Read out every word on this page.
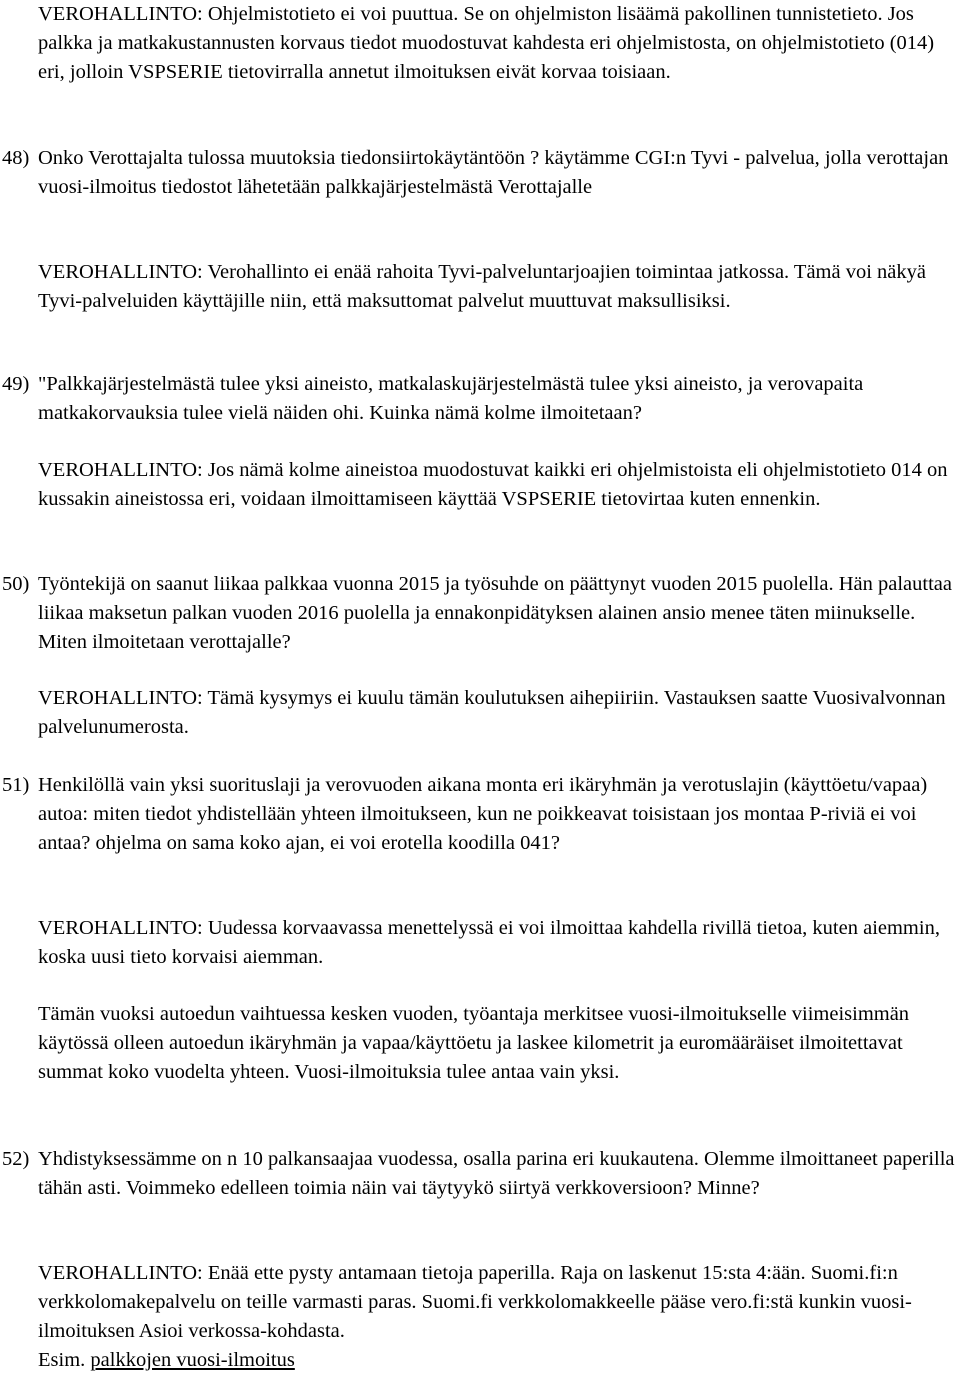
VEROHALLINTO: Ohjelmistotieto ei voi puuttua. Se on ohjelmiston lisäämä pakollinen tunnistetieto. Jos palkka ja matkakustannusten korvaus tiedot muodostuvat kahdesta eri ohjelmistosta, on ohjelmistotieto (014) eri, jolloin VSPSERIE tietovirralla annetut ilmoituksen eivät korvaa toisiaan.

48) Onko Verottajalta tulossa muutoksia tiedonsiirtokäytäntöön ? käytämme CGI:n Tyvi - palvelua, jolla verottajan vuosi-ilmoitus tiedostot lähetetään palkkajärjestelmästä Verottajalle

VEROHALLINTO: Verohallinto ei enää rahoita Tyvi-palveluntarjoajien toimintaa jatkossa. Tämä voi näkyä Tyvi-palveluiden käyttäjille niin, että maksuttomat palvelut muuttuvat maksullisiksi.

49) "Palkkajärjestelmästä tulee yksi aineisto, matkalaskujärjestelmästä tulee yksi aineisto, ja verovapaita matkakorvauksia tulee vielä näiden ohi. Kuinka nämä kolme ilmoitetaan?

VEROHALLINTO: Jos nämä kolme aineistoa muodostuvat kaikki eri ohjelmistoista eli ohjelmistotieto 014 on kussakin aineistossa eri, voidaan ilmoittamiseen käyttää VSPSERIE tietovirtaa kuten ennenkin.

50) Työntekijä on saanut liikaa palkkaa vuonna 2015 ja työsuhde on päättynyt vuoden 2015 puolella. Hän palauttaa liikaa maksetun palkan vuoden 2016 puolella ja ennakonpidätyksen alainen ansio menee täten miinukselle. Miten ilmoitetaan verottajalle?

VEROHALLINTO: Tämä kysymys ei kuulu tämän koulutuksen aihepiiriin. Vastauksen saatte Vuosivalvonnan palvelunumerosta.

51) Henkilöllä vain yksi suorituslaji ja verovuoden aikana monta eri ikäryhmän ja verotuslajin (käyttöetu/vapaa) autoa: miten tiedot yhdistellään yhteen ilmoitukseen, kun ne poikkeavat toisistaan jos montaa P-riviä ei voi antaa? ohjelma on sama koko ajan, ei voi erotella koodilla 041?

VEROHALLINTO: Uudessa korvaavassa menettelyssä ei voi ilmoittaa kahdella rivillä tietoa, kuten aiemmin, koska uusi tieto korvaisi aiemman.

Tämän vuoksi autoedun vaihtuessa kesken vuoden, työantaja merkitsee vuosi-ilmoitukselle viimeisimmän käytössä olleen autoedun ikäryhmän ja vapaa/käyttöetu ja laskee kilometrit ja euromääräiset ilmoitettavat summat koko vuodelta yhteen. Vuosi-ilmoituksia tulee antaa vain yksi.

52) Yhdistyksessämme on n 10 palkansaajaa vuodessa, osalla parina eri kuukautena. Olemme ilmoittaneet paperilla tähän asti. Voimmeko edelleen toimia näin vai täytyykö siirtyä verkkoversioon? Minne?

VEROHALLINTO: Enää ette pysty antamaan tietoja paperilla. Raja on laskenut 15:sta 4:ään. Suomi.fi:n verkkolomakepalvelu on teille varmasti paras. Suomi.fi verkkolomakkeelle pääse vero.fi:stä kunkin vuosi-ilmoituksen Asioi verkossa-kohdasta.

Esim. palkkojen vuosi-ilmoitus
